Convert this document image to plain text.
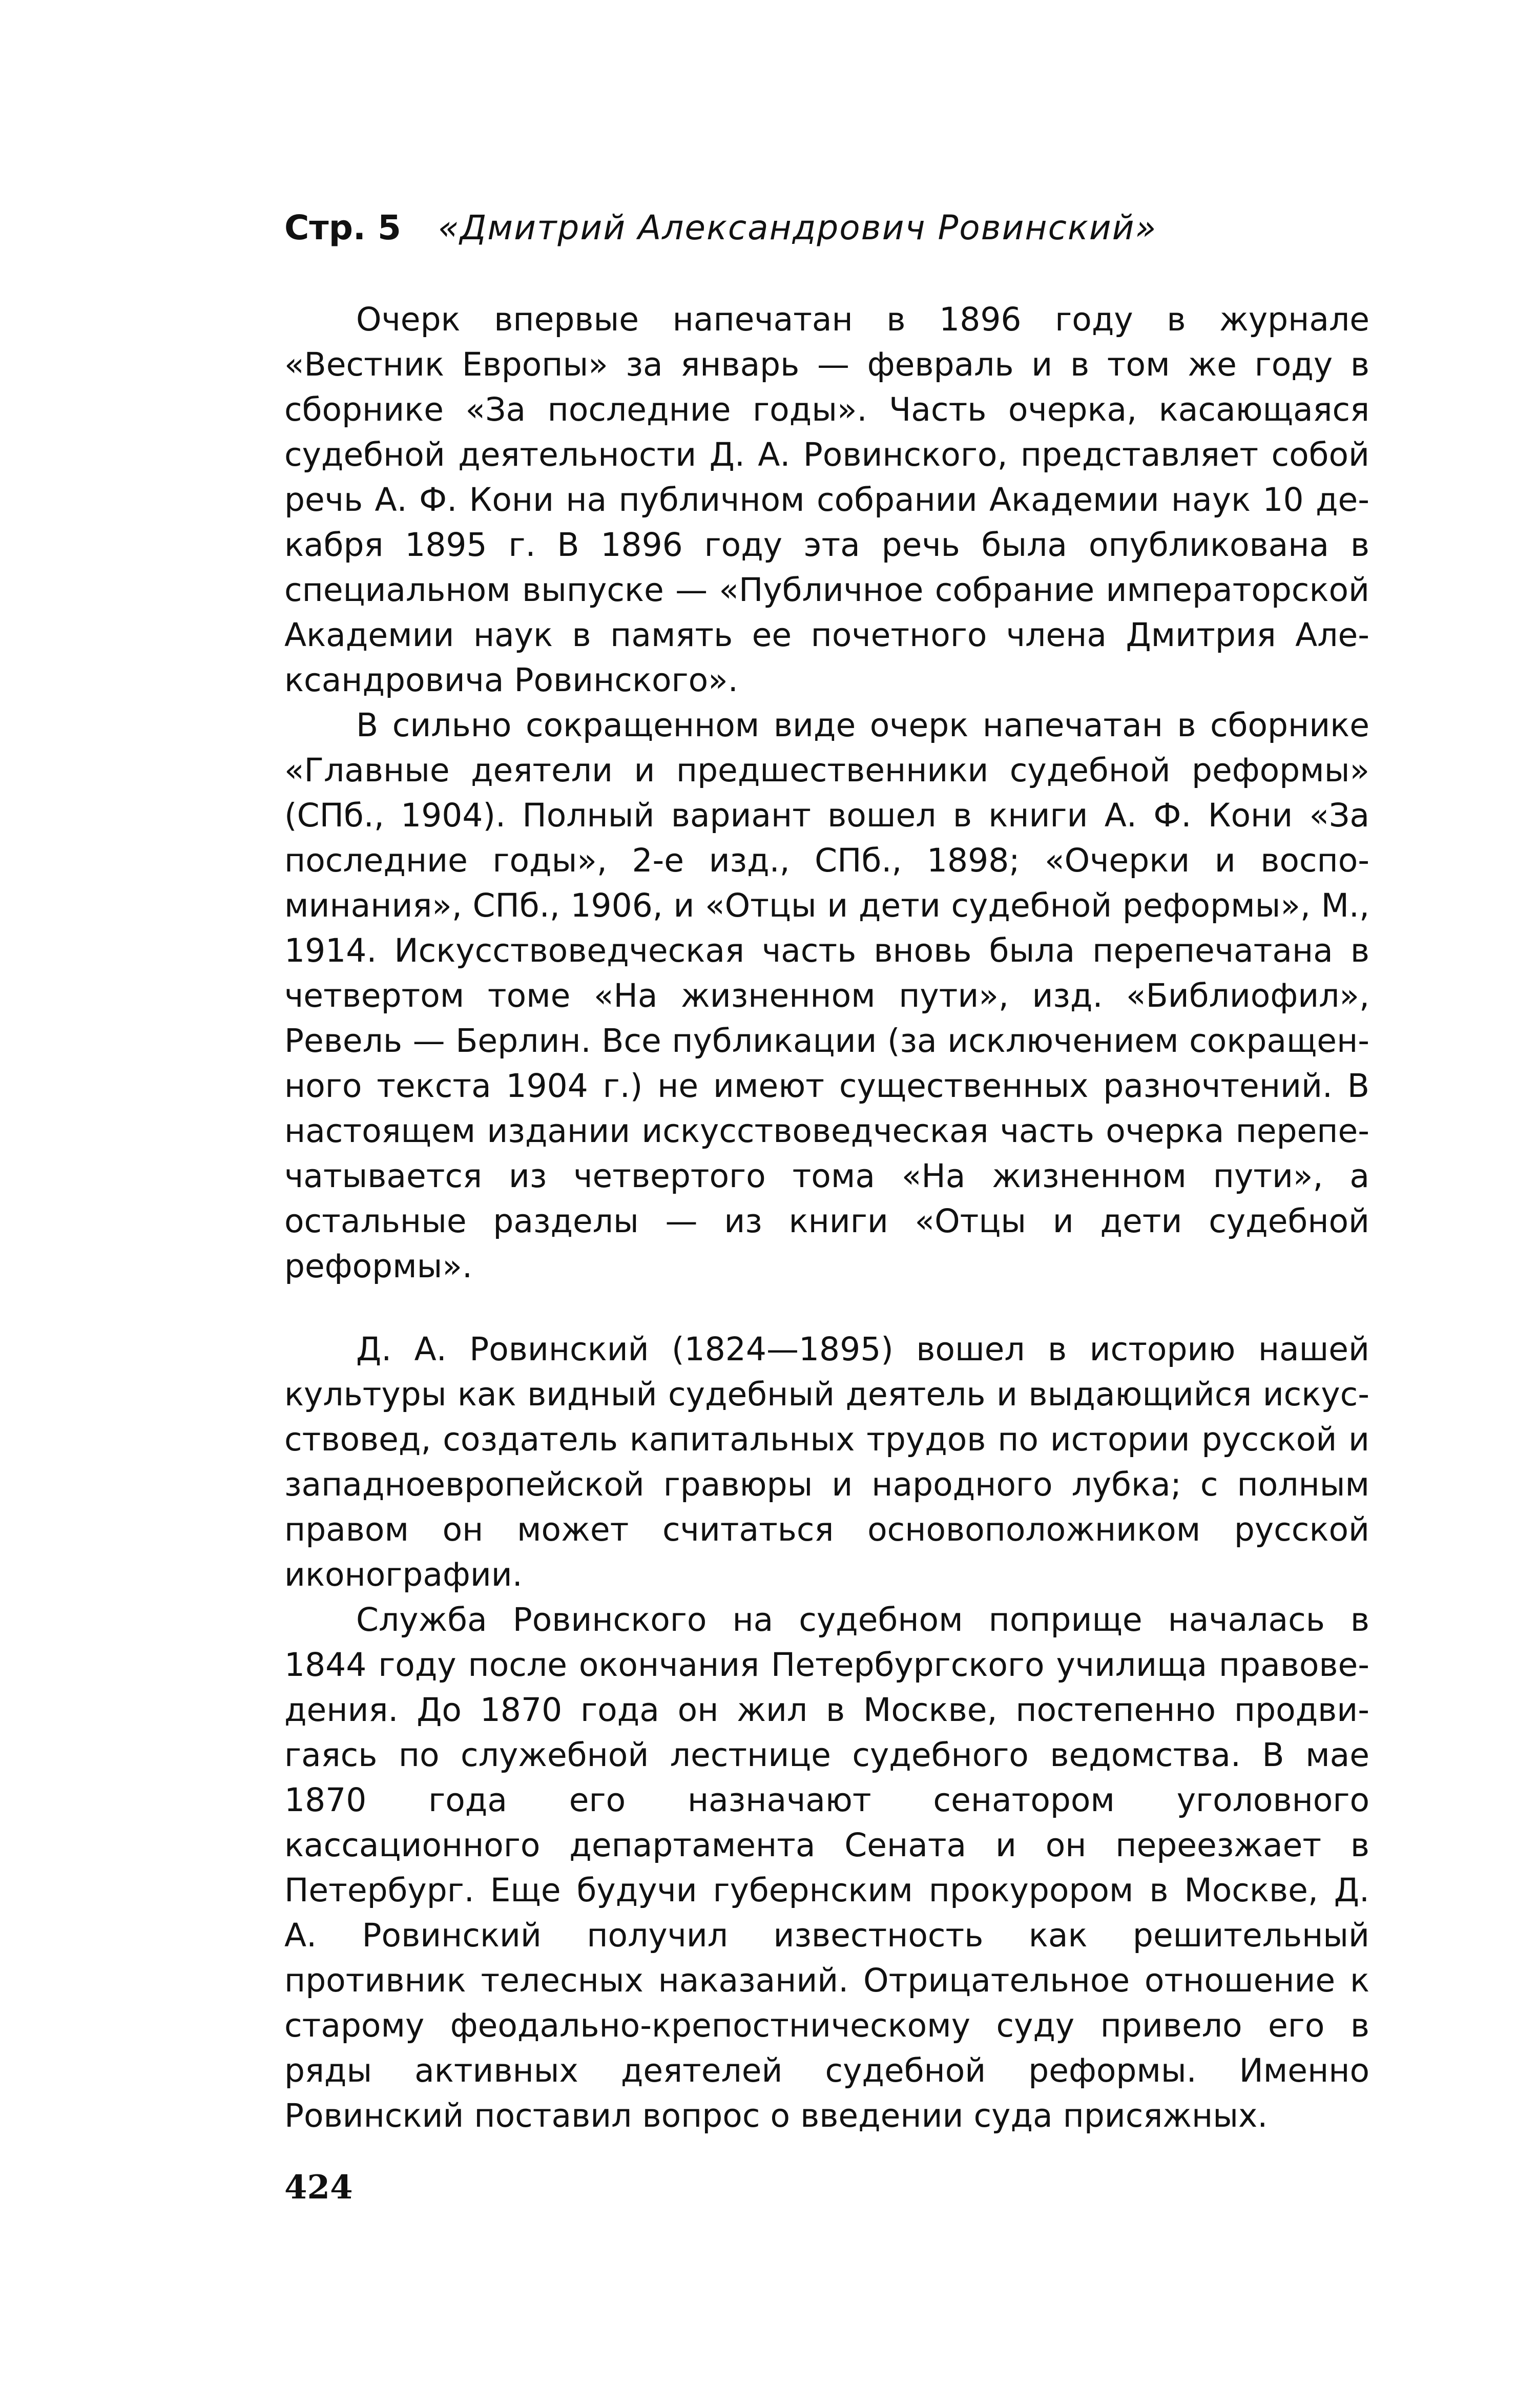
Стр. 5 «Дмитрий Александрович Ровинский»

Очерк впервые напечатан в 1896 году в журнале «Вестник Европы» за январь — февраль и в том же году в сборнике «За последние годы». Часть очерка, касающаяся судебной деятельности Д. А. Ровинского, представляет собой речь А. Ф. Кони на публичном собрании Академии наук 10 декабря 1895 г. В 1896 году эта речь была опубликована в специальном выпуске — «Публичное собрание императорской Академии наук в память ее почетного члена Дмитрия Александровича Ровинского».

В сильно сокращенном виде очерк напечатан в сборнике «Главные деятели и предшественники судебной реформы» (СПб., 1904). Полный вариант вошел в книги А. Ф. Кони «За последние годы», 2-е изд., СПб., 1898; «Очерки и воспоминания», СПб., 1906, и «Отцы и дети судебной реформы», М., 1914. Искусствоведческая часть вновь была перепечатана в четвертом томе «На жизненном пути», изд. «Библиофил», Ревель — Берлин. Все публикации (за исключением сокращенного текста 1904 г.) не имеют существенных разночтений. В настоящем издании искусствоведческая часть очерка перепечатывается из четвертого тома «На жизненном пути», а остальные разделы — из книги «Отцы и дети судебной реформы».

Д. А. Ровинский (1824—1895) вошел в историю нашей культуры как видный судебный деятель и выдающийся искусствовед, создатель капитальных трудов по истории русской и западноевропейской гравюры и народного лубка; с полным правом он может считаться основоположником русской иконографии.

Служба Ровинского на судебном поприще началась в 1844 году после окончания Петербургского училища правоведения. До 1870 года он жил в Москве, постепенно продвигаясь по служебной лестнице судебного ведомства. В мае 1870 года его назначают сенатором уголовного кассационного департамента Сената и он переезжает в Петербург. Еще будучи губернским прокурором в Москве, Д. А. Ровинский получил известность как решительный противник телесных наказаний. Отрицательное отношение к старому феодально-крепостническому суду привело его в ряды активных деятелей судебной реформы. Именно Ровинский поставил вопрос о введении суда присяжных.

424
